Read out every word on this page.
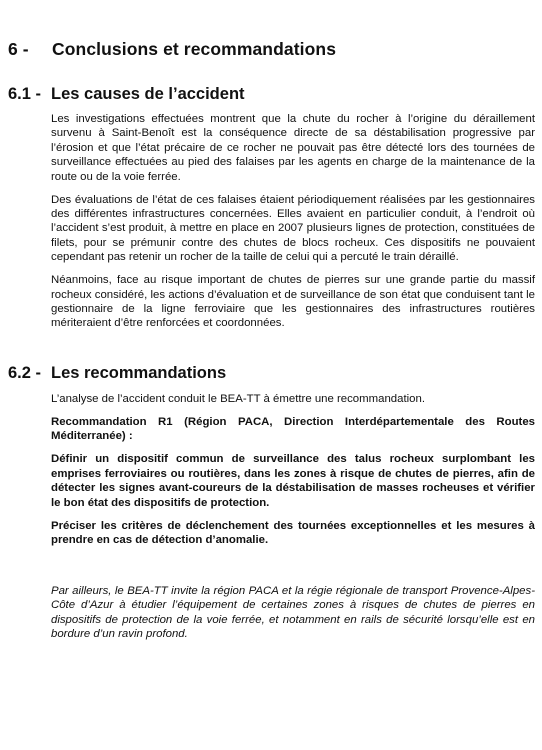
6 - Conclusions et recommandations
6.1 - Les causes de l’accident

Les investigations effectuées montrent que la chute du rocher à l’origine du déraillement survenu à Saint-Benoît est la conséquence directe de sa déstabilisation progressive par l’érosion et que l’état précaire de ce rocher ne pouvait pas être détecté lors des tournées de surveillance effectuées au pied des falaises par les agents en charge de la maintenance de la route ou de la voie ferrée.

Des évaluations de l’état de ces falaises étaient périodiquement réalisées par les gestionnaires des différentes infrastructures concernées. Elles avaient en particulier conduit, à l’endroit où l’accident s’est produit, à mettre en place en 2007 plusieurs lignes de protection, constituées de filets, pour se prémunir contre des chutes de blocs rocheux. Ces dispositifs ne pouvaient cependant pas retenir un rocher de la taille de celui qui a percuté le train déraillé.

Néanmoins, face au risque important de chutes de pierres sur une grande partie du massif rocheux considéré, les actions d’évaluation et de surveillance de son état que conduisent tant le gestionnaire de la ligne ferroviaire que les gestionnaires des infrastructures routières mériteraient d’être renforcées et coordonnées.

6.2 - Les recommandations

L’analyse de l’accident conduit le BEA-TT à émettre une recommandation.

Recommandation R1 (Région PACA, Direction Interdépartementale des Routes Méditerranée) :

Définir un dispositif commun de surveillance des talus rocheux surplombant les emprises ferroviaires ou routières, dans les zones à risque de chutes de pierres, afin de détecter les signes avant-coureurs de la déstabilisation de masses rocheuses et vérifier le bon état des dispositifs de protection.

Préciser les critères de déclenchement des tournées exceptionnelles et les mesures à prendre en cas de détection d’anomalie.

Par ailleurs, le BEA-TT invite la région PACA et la régie régionale de transport Provence-Alpes-Côte d’Azur à étudier l’équipement de certaines zones à risques de chutes de pierres en dispositifs de protection de la voie ferrée, et notamment en rails de sécurité lorsqu’elle est en bordure d’un ravin profond.
